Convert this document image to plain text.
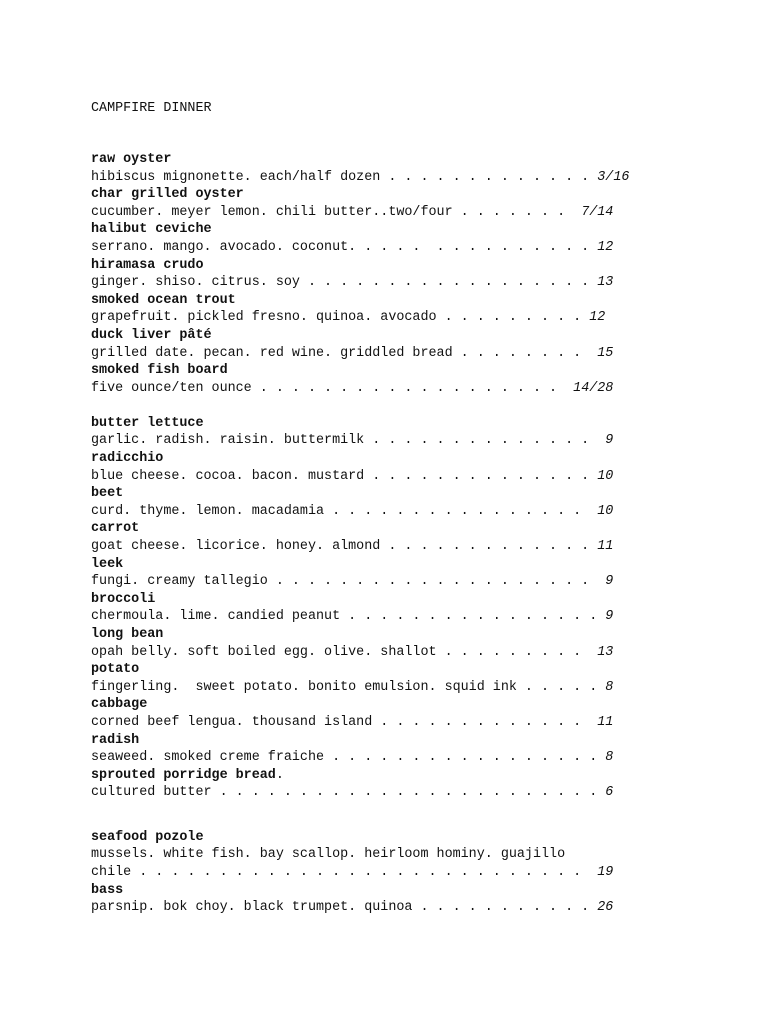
CAMPFIRE DINNER
raw oyster
hibiscus mignonette. each/half dozen . . . . . . . . . . . . . 3/16
char grilled oyster
cucumber. meyer lemon. chili butter..two/four . . . . . . .  7/14
halibut ceviche
serrano. mango. avocado. coconut. . . . .  . . . . . . . . . . 12
hiramasa crudo
ginger. shiso. citrus. soy . . . . . . . . . . . . . . . . . . 13
smoked ocean trout
grapefruit. pickled fresno. quinoa. avocado . . . . . . . . . 12
duck liver pâté
grilled date. pecan. red wine. griddled bread . . . . . . . .  15
smoked fish board
five ounce/ten ounce . . . . . . . . . . . . . . . . . . .  14/28
butter lettuce
garlic. radish. raisin. buttermilk . . . . . . . . . . . . . .  9
radicchio
blue cheese. cocoa. bacon. mustard . . . . . . . . . . . . . . 10
beet
curd. thyme. lemon. macadamia . . . . . . . . . . . . . . . .  10
carrot
goat cheese. licorice. honey. almond . . . . . . . . . . . . . 11
leek
fungi. creamy tallegio . . . . . . . . . . . . . . . . . . . .  9
broccoli
chermoula. lime. candied peanut . . . . . . . . . . . . . . . . 9
long bean
opah belly. soft boiled egg. olive. shallot . . . . . . . . .  13
potato
fingerling.  sweet potato. bonito emulsion. squid ink . . . . . 8
cabbage
corned beef lengua. thousand island . . . . . . . . . . . . .  11
radish
seaweed. smoked creme fraiche . . . . . . . . . . . . . . . . . 8
sprouted porridge bread.
cultured butter . . . . . . . . . . . . . . . . . . . . . . . . 6
seafood pozole
mussels. white fish. bay scallop. heirloom hominy. guajillo
chile . . . . . . . . . . . . . . . . . . . . . . . . . . . .  19
bass
parsnip. bok choy. black trumpet. quinoa . . . . . . . . . . . 26
